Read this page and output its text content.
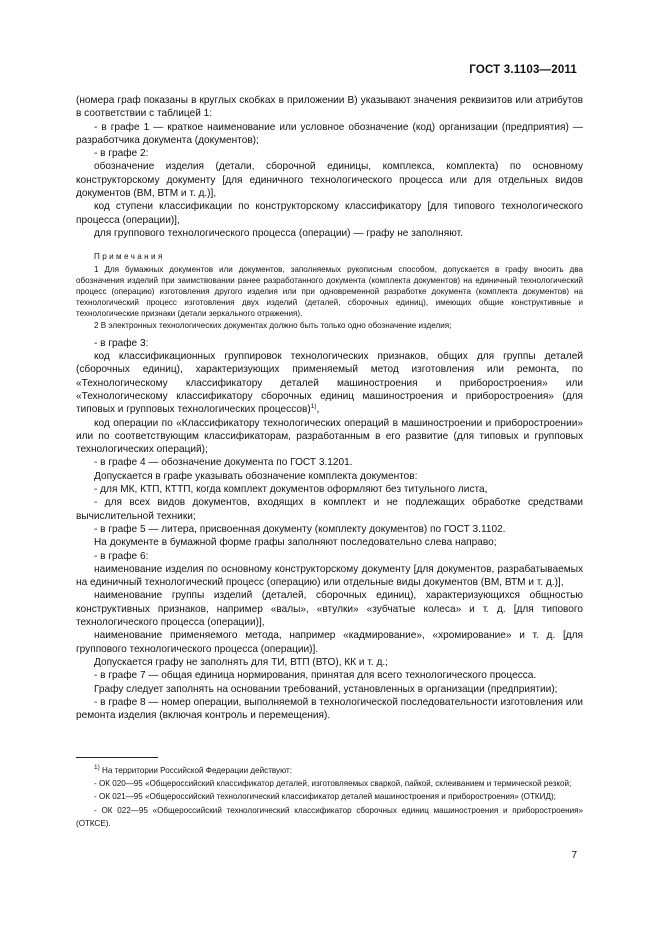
ГОСТ 3.1103—2011

(номера граф показаны в круглых скобках в приложении В) указывают значения реквизитов или атрибутов в соответствии с таблицей 1:

- в графе 1 — краткое наименование или условное обозначение (код) организации (предприятия) — разработчика документа (документов);

- в графе 2:

обозначение изделия (детали, сборочной единицы, комплекса, комплекта) по основному конструкторскому документу [для единичного технологического процесса или для отдельных видов документов (ВМ, ВТМ и т. д.)],

код ступени классификации по конструкторскому классификатору [для типового технологического процесса (операции)],

для группового технологического процесса (операции) — графу не заполняют.

Примечания

1 Для бумажных документов или документов, заполняемых рукописным способом, допускается в графу вносить два обозначения изделий при заимствовании ранее разработанного документа (комплекта документов) на единичный технологический процесс (операцию) изготовления другого изделия или при одновременной разработке документа (комплекта документов) на технологический процесс изготовления двух изделий (деталей, сборочных единиц), имеющих общие конструктивные и технологические признаки (детали зеркального отражения).

2 В электронных технологических документах должно быть только одно обозначение изделия;

- в графе 3:

код классификационных группировок технологических признаков, общих для группы деталей (сборочных единиц), характеризующих применяемый метод изготовления или ремонта, по «Технологическому классификатору деталей машиностроения и приборостроения» или «Технологическому классификатору сборочных единиц машиностроения и приборостроения» (для типовых и групповых технологических процессов)$^{1)}$,

код операции по «Классификатору технологических операций в машиностроении и приборостроении» или по соответствующим классификаторам, разработанным в его развитие (для типовых и групповых технологических операций);

- в графе 4 — обозначение документа по ГОСТ 3.1201.

Допускается в графе указывать обозначение комплекта документов:

- для МК, КТП, КТТП, когда комплект документов оформляют без титульного листа,

- для всех видов документов, входящих в комплект и не подлежащих обработке средствами вычислительной техники;

- в графе 5 — литера, присвоенная документу (комплекту документов) по ГОСТ 3.1102.

На документе в бумажной форме графы заполняют последовательно слева направо;

- в графе 6:

наименование изделия по основному конструкторскому документу [для документов, разрабатываемых на единичный технологический процесс (операцию) или отдельные виды документов (ВМ, ВТМ и т. д.)],

наименование группы изделий (деталей, сборочных единиц), характеризующихся общностью конструктивных признаков, например «валы», «втулки» «зубчатые колеса» и т. д. [для типового технологического процесса (операции)],

наименование применяемого метода, например «кадмирование», «хромирование» и т. д. [для группового технологического процесса (операции)].

Допускается графу не заполнять для ТИ, ВТП (ВТО), КК и т. д.;

- в графе 7 — общая единица нормирования, принятая для всего технологического процесса.

Графу следует заполнять на основании требований, установленных в организации (предприятии);

- в графе 8 — номер операции, выполняемой в технологической последовательности изготовления или ремонта изделия (включая контроль и перемещения).

$^{1)}$ На территории Российской Федерации действуют:

- ОК 020—95 «Общероссийский классификатор деталей, изготовляемых сваркой, пайкой, склеиванием и термической резкой;

- ОК 021—95 «Общероссийский технологический классификатор деталей машиностроения и приборостроения» (ОТКИД);

- ОК 022—95 «Общероссийский технологический классификатор сборочных единиц машиностроения и приборостроения» (ОТКСЕ).

7
